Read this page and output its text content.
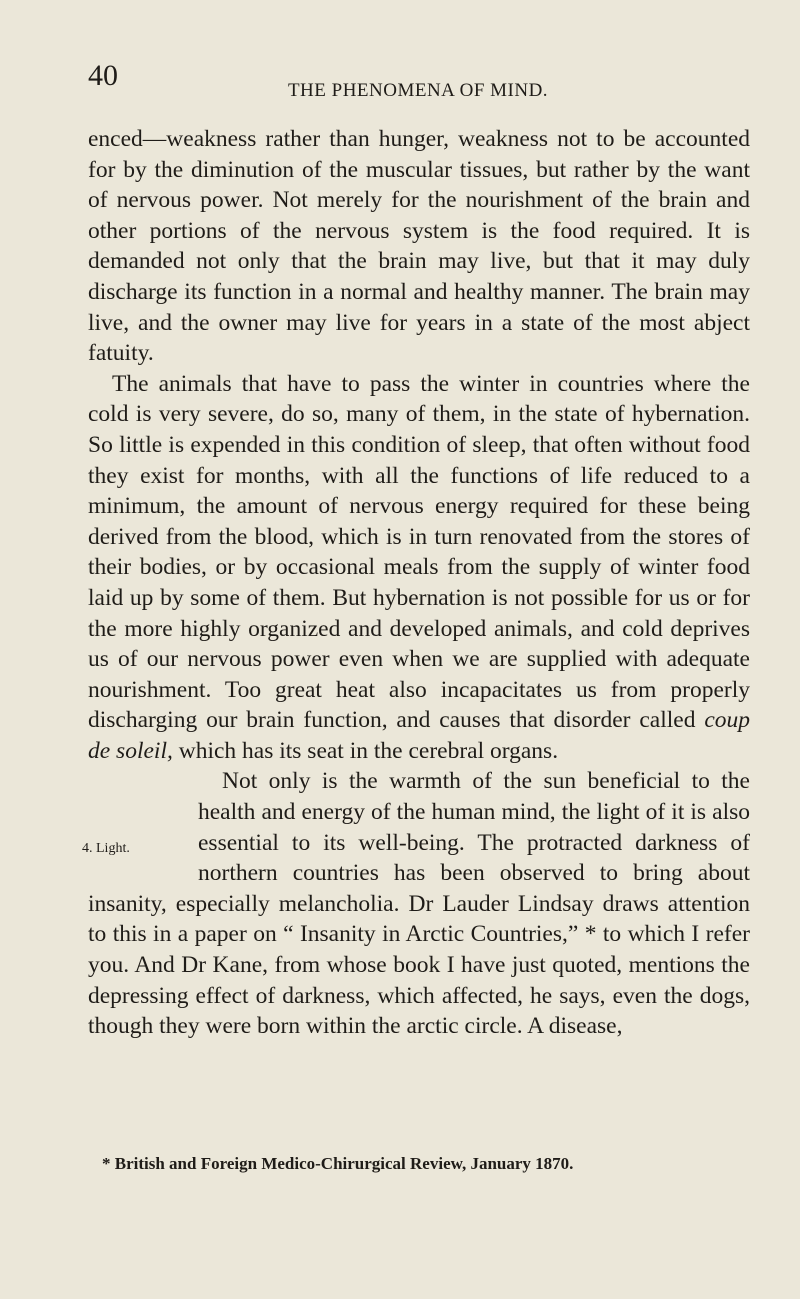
40	THE PHENOMENA OF MIND.

enced—weakness rather than hunger, weakness not to be accounted for by the diminution of the muscular tissues, but rather by the want of nervous power. Not merely for the nourishment of the brain and other portions of the nervous system is the food required. It is demanded not only that the brain may live, but that it may duly discharge its function in a normal and healthy manner. The brain may live, and the owner may live for years in a state of the most abject fatuity.

The animals that have to pass the winter in countries where the cold is very severe, do so, many of them, in the state of hybernation. So little is expended in this condition of sleep, that often without food they exist for months, with all the functions of life reduced to a minimum, the amount of nervous energy required for these being derived from the blood, which is in turn renovated from the stores of their bodies, or by occasional meals from the supply of winter food laid up by some of them. But hybernation is not possible for us or for the more highly organized and developed animals, and cold deprives us of our nervous power even when we are supplied with adequate nourishment. Too great heat also incapacitates us from properly discharging our brain function, and causes that disorder called coup de soleil, which has its seat in the cerebral organs.

4. Light.
Not only is the warmth of the sun beneficial to the health and energy of the human mind, the light of it is also essential to its well-being. The protracted darkness of northern countries has been observed to bring about insanity, especially melancholia. Dr Lauder Lindsay draws attention to this in a paper on “ Insanity in Arctic Countries,” * to which I refer you. And Dr Kane, from whose book I have just quoted, mentions the depressing effect of darkness, which affected, he says, even the dogs, though they were born within the arctic circle. A disease,

* British and Foreign Medico-Chirurgical Review, January 1870.
